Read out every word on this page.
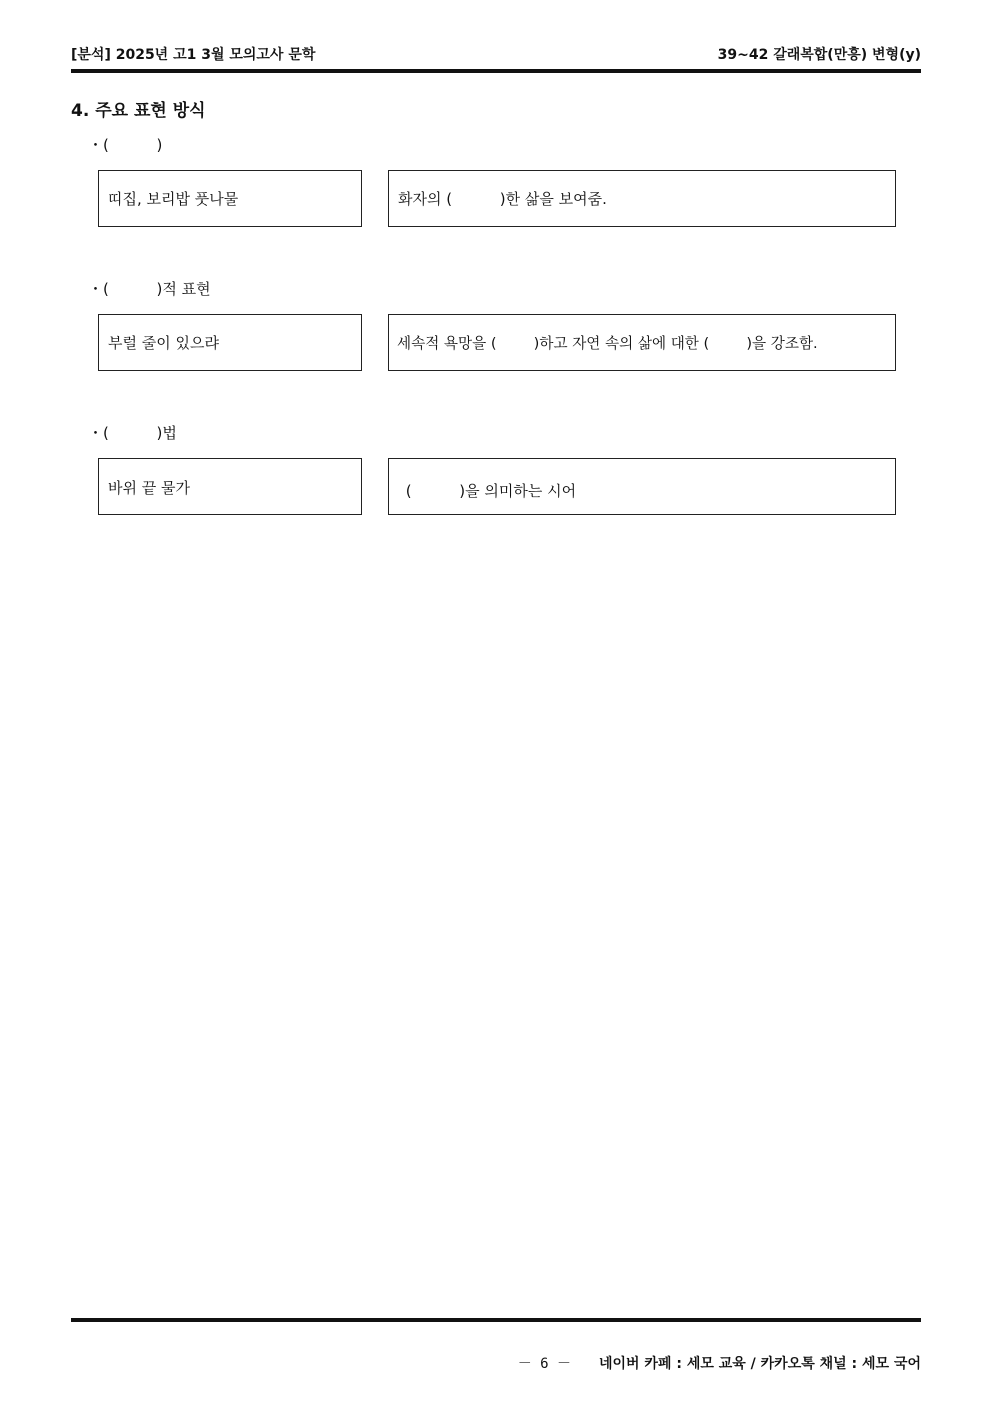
[분석] 2025년 고1 3월 모의고사 문학	39~42 갈래복합(만흥) 변형(y)
4. 주요 표현 방식
・(          )
띠집, 보리밥 풋나물	화자의 (          )한 삶을 보여줌.
・(          )적 표현
부럴 줄이 있으랴	세속적 욕망을 (        )하고 자연 속의 삶에 대한 (        )을 강조함.
・(          )법
바위 끝 물가	(          )을 의미하는 시어

－ 6 － 네이버 카페 : 세모 교육 / 카카오톡 채널 : 세모 국어
